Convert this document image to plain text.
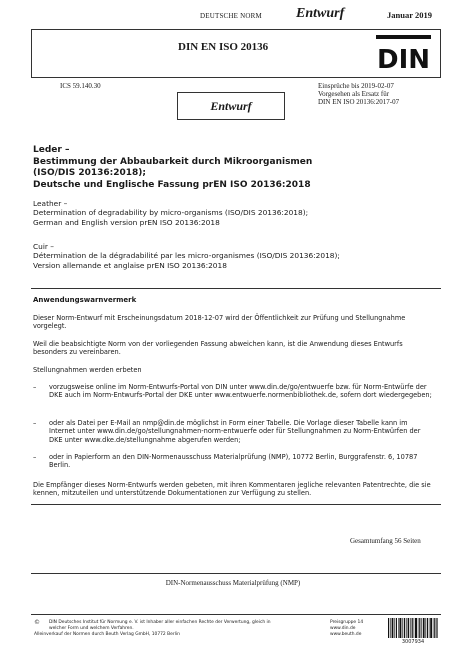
DEUTSCHE NORM Entwurf	Januar 2019
DIN EN ISO 20136	DIN
ICS 59.140.30	Einsprüche bis 2019-02-07
Vorgesehen als Ersatz für
DIN EN ISO 20136:2017-07
Entwurf
Leder –
Bestimmung der Abbaubarkeit durch Mikroorganismen
(ISO/DIS 20136:2018);
Deutsche und Englische Fassung prEN ISO 20136:2018
Leather –
Determination of degradability by micro-organisms (ISO/DIS 20136:2018);
German and English version prEN ISO 20136:2018
Cuir –
Détermination de la dégradabilité par les micro-organismes (ISO/DIS 20136:2018);
Version allemande et anglaise prEN ISO 20136:2018
Anwendungswarnvermerk
Dieser Norm-Entwurf mit Erscheinungsdatum 2018-12-07 wird der Öffentlichkeit zur Prüfung und Stellungnahme vorgelegt.
Weil die beabsichtigte Norm von der vorliegenden Fassung abweichen kann, ist die Anwendung dieses Entwurfs besonders zu vereinbaren.
Stellungnahmen werden erbeten
– vorzugsweise online im Norm-Entwurfs-Portal von DIN unter www.din.de/go/entwuerfe bzw. für Norm-Entwürfe der DKE auch im Norm-Entwurfs-Portal der DKE unter www.entwuerfe.normenbibliothek.de, sofern dort wiedergegeben;
– oder als Datei per E-Mail an nmp@din.de möglichst in Form einer Tabelle. Die Vorlage dieser Tabelle kann im Internet unter www.din.de/go/stellungnahmen-norm-entwuerfe oder für Stellungnahmen zu Norm-Entwürfen der DKE unter www.dke.de/stellungnahme abgerufen werden;
– oder in Papierform an den DIN-Normenausschuss Materialprüfung (NMP), 10772 Berlin, Burggrafenstr. 6, 10787 Berlin.
Die Empfänger dieses Norm-Entwurfs werden gebeten, mit ihren Kommentaren jegliche relevanten Patentrechte, die sie kennen, mitzuteilen und unterstützende Dokumentationen zur Verfügung zu stellen.
Gesamtumfang 56 Seiten
DIN-Normenausschuss Materialprüfung (NMP)
© DIN Deutsches Institut für Normung e. V. ist Inhaber aller einfachen Rechte der Verwertung, gleich in
welcher Form und welchem Verfahren.
Alleinverkauf der Normen durch Beuth Verlag GmbH, 10772 Berlin
Preisgruppe 14
www.din.de
www.beuth.de
3007934
